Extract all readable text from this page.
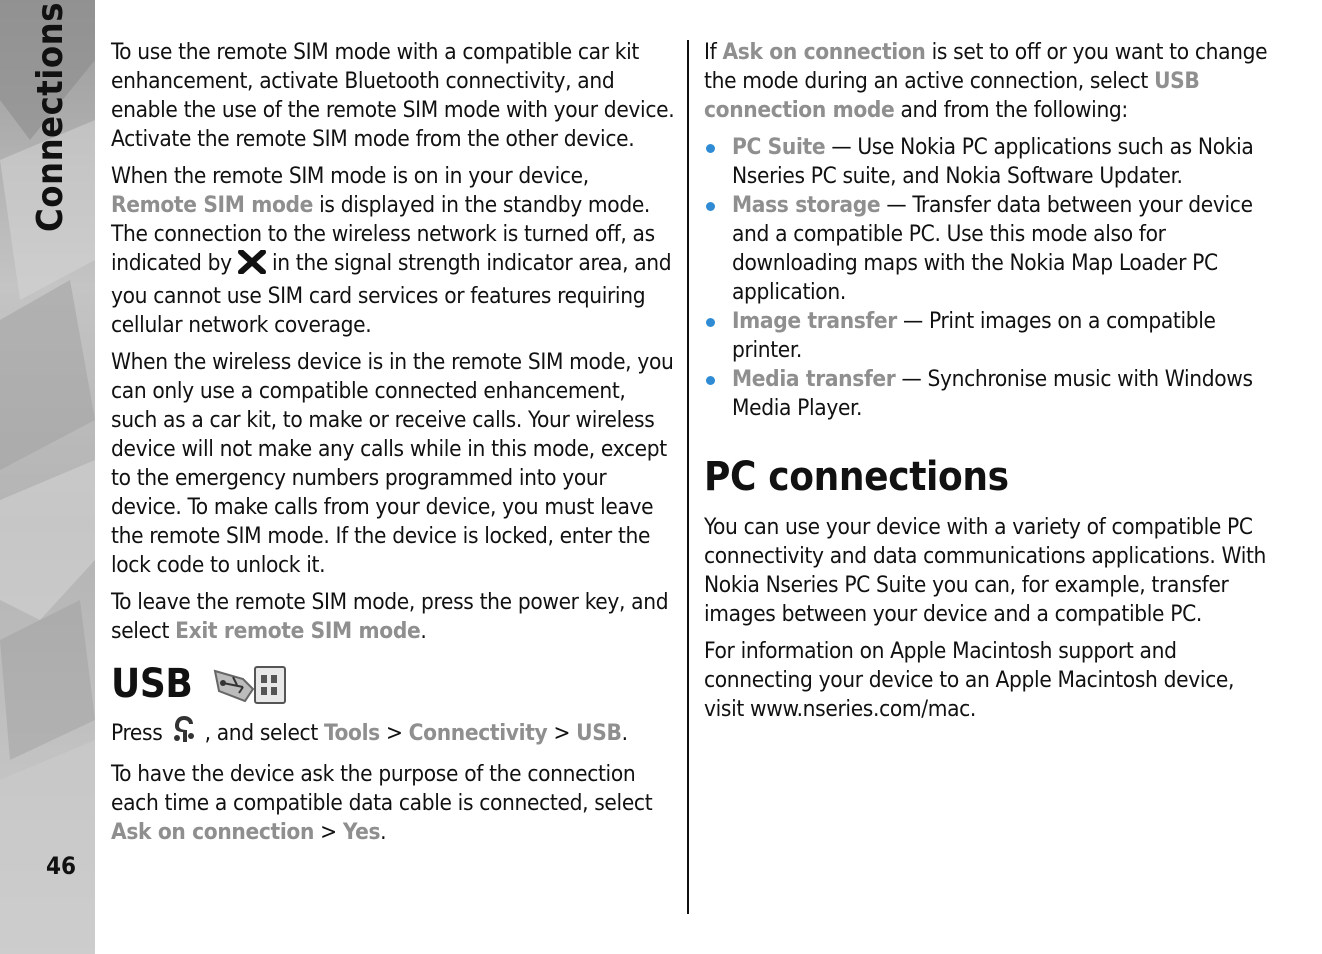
Connections
46

To use the remote SIM mode with a compatible car kit enhancement, activate Bluetooth connectivity, and enable the use of the remote SIM mode with your device. Activate the remote SIM mode from the other device.

When the remote SIM mode is on in your device, Remote SIM mode is displayed in the standby mode. The connection to the wireless network is turned off, as indicated by in the signal strength indicator area, and you cannot use SIM card services or features requiring cellular network coverage.

When the wireless device is in the remote SIM mode, you can only use a compatible connected enhancement, such as a car kit, to make or receive calls. Your wireless device will not make any calls while in this mode, except to the emergency numbers programmed into your device. To make calls from your device, you must leave the remote SIM mode. If the device is locked, enter the lock code to unlock it.

To leave the remote SIM mode, press the power key, and select Exit remote SIM mode.

USB

Press , and select Tools > Connectivity > USB.

To have the device ask the purpose of the connection each time a compatible data cable is connected, select Ask on connection > Yes.

If Ask on connection is set to off or you want to change the mode during an active connection, select USB connection mode and from the following:

PC Suite — Use Nokia PC applications such as Nokia Nseries PC suite, and Nokia Software Updater.
Mass storage — Transfer data between your device and a compatible PC. Use this mode also for downloading maps with the Nokia Map Loader PC application.
Image transfer — Print images on a compatible printer.
Media transfer — Synchronise music with Windows Media Player.
PC connections

You can use your device with a variety of compatible PC connectivity and data communications applications. With Nokia Nseries PC Suite you can, for example, transfer images between your device and a compatible PC.

For information on Apple Macintosh support and connecting your device to an Apple Macintosh device, visit www.nseries.com/mac.
